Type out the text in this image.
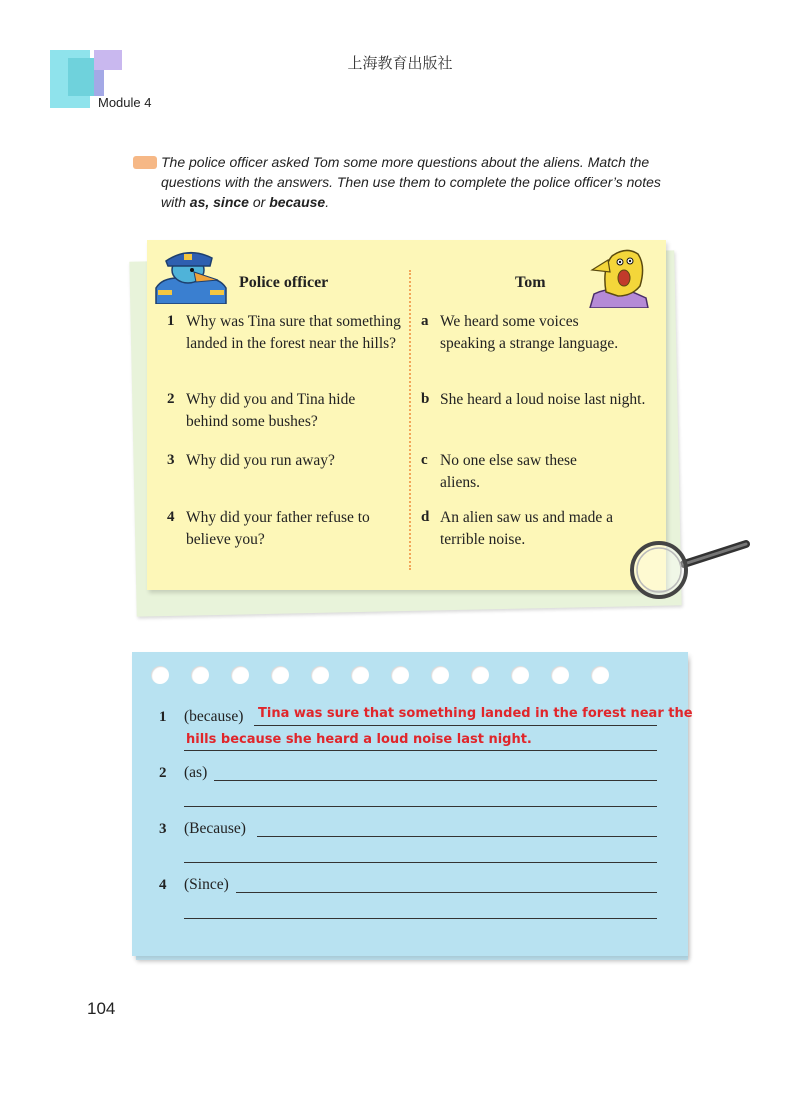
上海教育出版社
Module 4
The police officer asked Tom some more questions about the aliens. Match the questions with the answers. Then use them to complete the police officer’s notes with as, since or because.
Police officer	Tom
1 Why was Tina sure that something landed in the forest near the hills?
2 Why did you and Tina hide behind some bushes?
3 Why did you run away?
4 Why did your father refuse to believe you?
a We heard some voices speaking a strange language.
b She heard a loud noise last night.
c No one else saw these aliens.
d An alien saw us and made a terrible noise.
1 (because) Tina was sure that something landed in the forest near the
hills because she heard a loud noise last night.
2 (as)
3 (Because)
4 (Since)
104
